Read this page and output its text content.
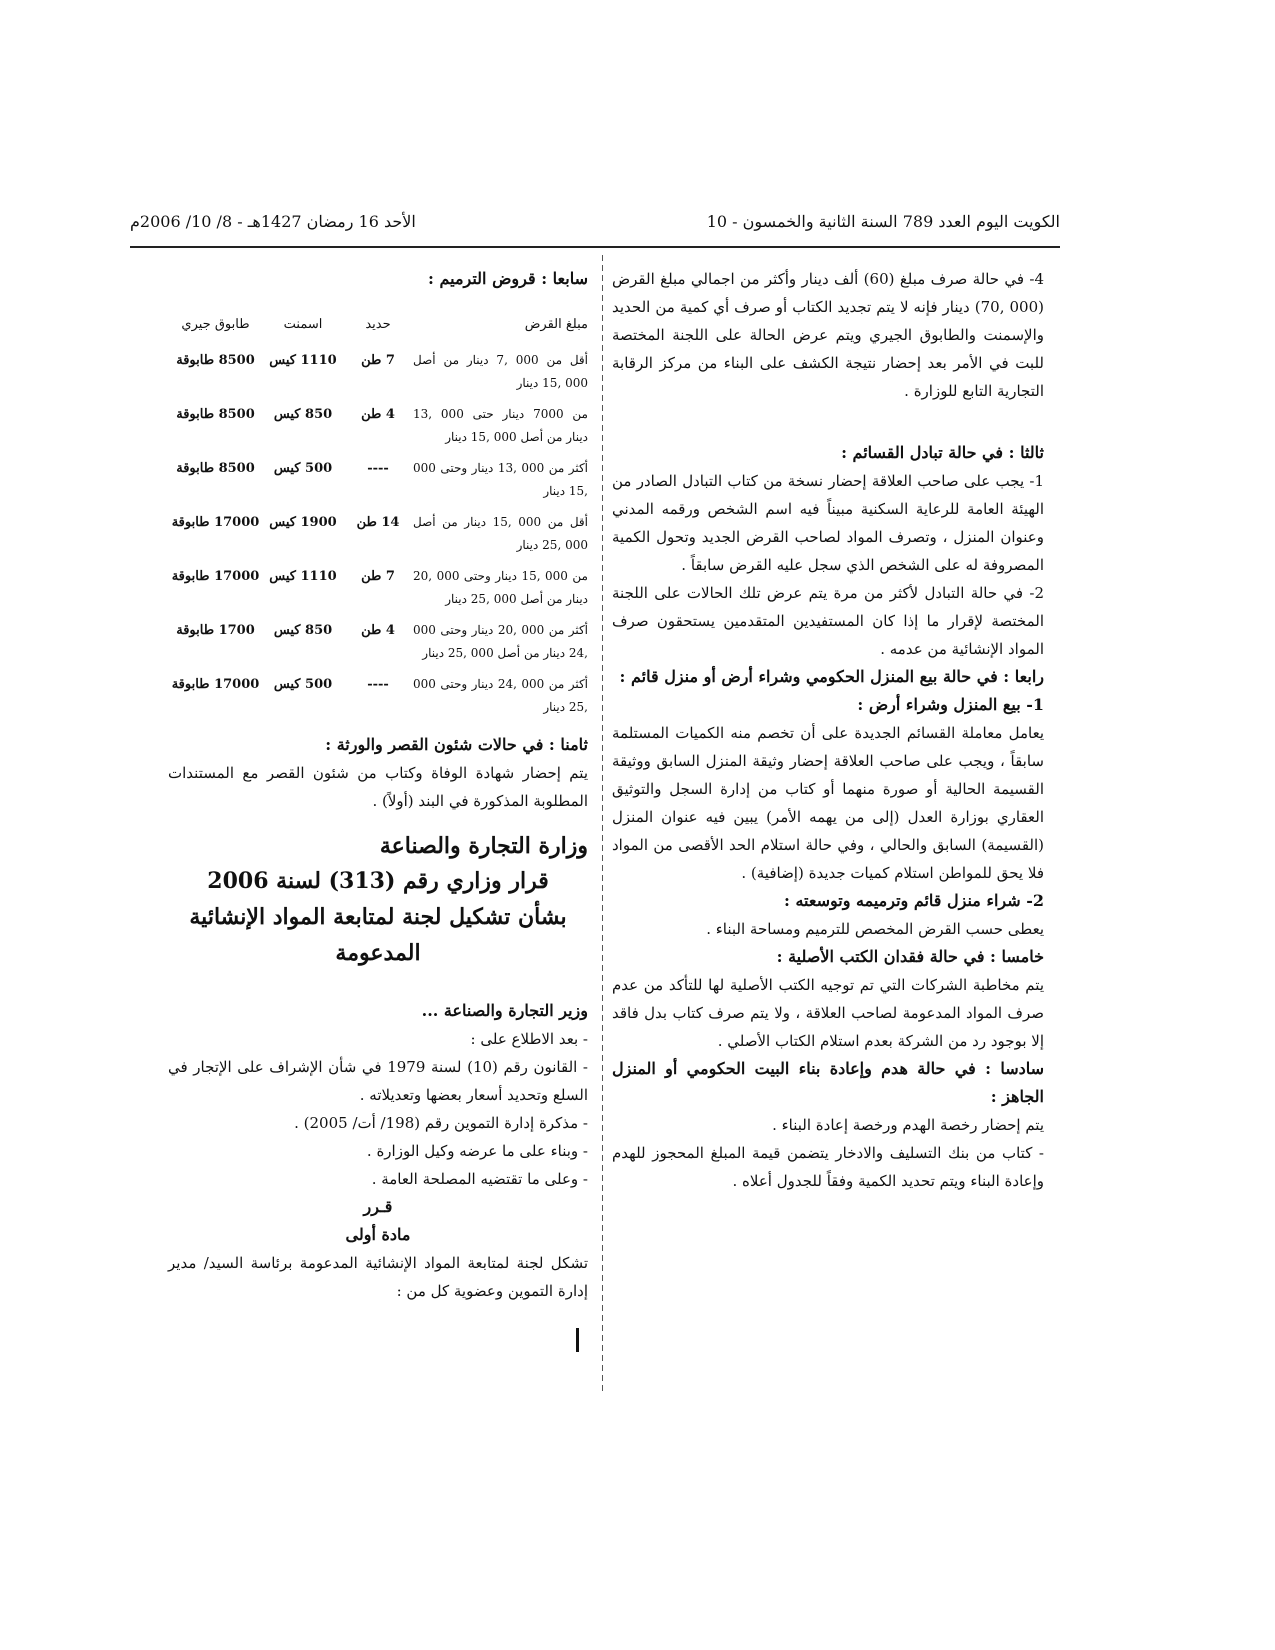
الكويت اليوم العدد 789 السنة الثانية والخمسون - 10
الأحد 16 رمضان 1427هـ - 8/ 10/ 2006م

4- في حالة صرف مبلغ (60) ألف دينار وأكثر من اجمالي مبلغ القرض (000 ,70) دينار فإنه لا يتم تجديد الكتاب أو صرف أي كمية من الحديد والإسمنت والطابوق الجيري ويتم عرض الحالة على اللجنة المختصة للبت في الأمر بعد إحضار نتيجة الكشف على البناء من مركز الرقابة التجارية التابع للوزارة .

ثالثا : في حالة تبادل القسائم :

1- يجب على صاحب العلاقة إحضار نسخة من كتاب التبادل الصادر من الهيئة العامة للرعاية السكنية مبيناً فيه اسم الشخص ورقمه المدني وعنوان المنزل ، وتصرف المواد لصاحب القرض الجديد وتحول الكمية المصروفة له على الشخص الذي سجل عليه القرض سابقاً .

2- في حالة التبادل لأكثر من مرة يتم عرض تلك الحالات على اللجنة المختصة لإقرار ما إذا كان المستفيدين المتقدمين يستحقون صرف المواد الإنشائية من عدمه .

رابعا : في حالة بيع المنزل الحكومي وشراء أرض أو منزل قائم :

1- بيع المنزل وشراء أرض :

يعامل معاملة القسائم الجديدة على أن تخصم منه الكميات المستلمة سابقاً ، ويجب على صاحب العلاقة إحضار وثيقة المنزل السابق ووثيقة القسيمة الحالية أو صورة منهما أو كتاب من إدارة السجل والتوثيق العقاري بوزارة العدل (إلى من يهمه الأمر) يبين فيه عنوان المنزل (القسيمة) السابق والحالي ، وفي حالة استلام الحد الأقصى من المواد فلا يحق للمواطن استلام كميات جديدة (إضافية) .

2- شراء منزل قائم وترميمه وتوسعته :

يعطى حسب القرض المخصص للترميم ومساحة البناء .

خامسا : في حالة فقدان الكتب الأصلية :

يتم مخاطبة الشركات التي تم توجيه الكتب الأصلية لها للتأكد من عدم صرف المواد المدعومة لصاحب العلاقة ، ولا يتم صرف كتاب بدل فاقد إلا بوجود رد من الشركة بعدم استلام الكتاب الأصلي .

سادسا : في حالة هدم وإعادة بناء البيت الحكومي أو المنزل الجاهز :

يتم إحضار رخصة الهدم ورخصة إعادة البناء .

- كتاب من بنك التسليف والادخار يتضمن قيمة المبلغ المحجوز للهدم وإعادة البناء ويتم تحديد الكمية وفقاً للجدول أعلاه .

سابعا : قروض الترميم :

مبلغ القرض
حديد
اسمنت
طابوق جيري
أقل من 000 ,7 دينار من أصل 000 ,15 دينار
7 طن
1110 كيس
8500 طابوقة
من 7000 دينار حتى 000 ,13 دينار من أصل 000 ,15 دينار
4 طن
850 كيس
8500 طابوقة
أكثر من 000 ,13 دينار وحتى 000 ,15 دينار
----
500 كيس
8500 طابوقة
أقل من 000 ,15 دينار من أصل 000 ,25 دينار
14 طن
1900 كيس
17000 طابوقة
من 000 ,15 دينار وحتى 000 ,20 دينار من أصل 000 ,25 دينار
7 طن
1110 كيس
17000 طابوقة
أكثر من 000 ,20 دينار وحتى 000 ,24 دينار من أصل 000 ,25 دينار
4 طن
850 كيس
1700 طابوقة
أكثر من 000 ,24 دينار وحتى 000 ,25 دينار
----
500 كيس
17000 طابوقة

ثامنا : في حالات شئون القصر والورثة :

يتم إحضار شهادة الوفاة وكتاب من شئون القصر مع المستندات المطلوبة المذكورة في البند (أولاً) .

وزارة التجارة والصناعة
قرار وزاري رقم (313) لسنة 2006
بشأن تشكيل لجنة لمتابعة المواد الإنشائية المدعومة

وزير التجارة والصناعة ...

- بعد الاطلاع على :

- القانون رقم (10) لسنة 1979 في شأن الإشراف على الإتجار في السلع وتحديد أسعار بعضها وتعديلاته .

- مذكرة إدارة التموين رقم (198/ أت/ 2005) .

- وبناء على ما عرضه وكيل الوزارة .

- وعلى ما تقتضيه المصلحة العامة .

قـرر

مادة أولى

تشكل لجنة لمتابعة المواد الإنشائية المدعومة برئاسة السيد/ مدير إدارة التموين وعضوية كل من :
